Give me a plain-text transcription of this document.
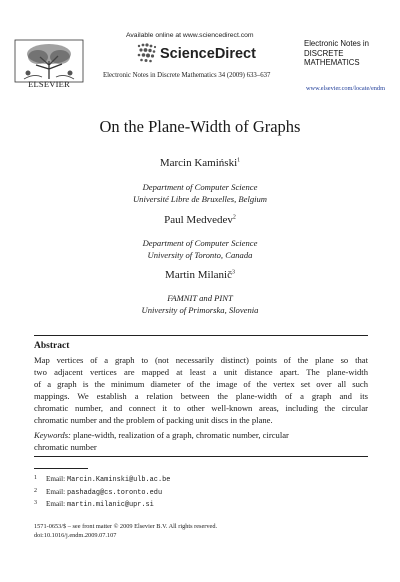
ELSEVIER
Available online at www.sciencedirect.com
ScienceDirect
Electronic Notes in Discrete Mathematics 34 (2009) 633–637
Electronic Notes in
DISCRETE
MATHEMATICS
www.elsevier.com/locate/endm
On the Plane-Width of Graphs
Marcin Kamiński$^1$
Department of Computer Science
Université Libre de Bruxelles, Belgium
Paul Medvedev$^2$
Department of Computer Science
University of Toronto, Canada
Martin Milanič$^3$
FAMNIT and PINT
University of Primorska, Slovenia
Abstract
Map vertices of a graph to (not necessarily distinct) points of the plane so that
two adjacent vertices are mapped at least a unit distance apart. The plane-width
of a graph is the minimum diameter of the image of the vertex set over all such
mappings. We establish a relation between the plane-width of a graph and its
chromatic number, and connect it to other well-known areas, including the circular
chromatic number and the problem of packing unit discs in the plane.
Keywords: plane-width, realization of a graph, chromatic number, circular
chromatic number
1 Email: Marcin.Kaminski@ulb.ac.be
2 Email: pashadag@cs.toronto.edu
3 Email: martin.milanic@upr.si
1571-0653/$ – see front matter © 2009 Elsevier B.V. All rights reserved.
doi:10.1016/j.endm.2009.07.107
